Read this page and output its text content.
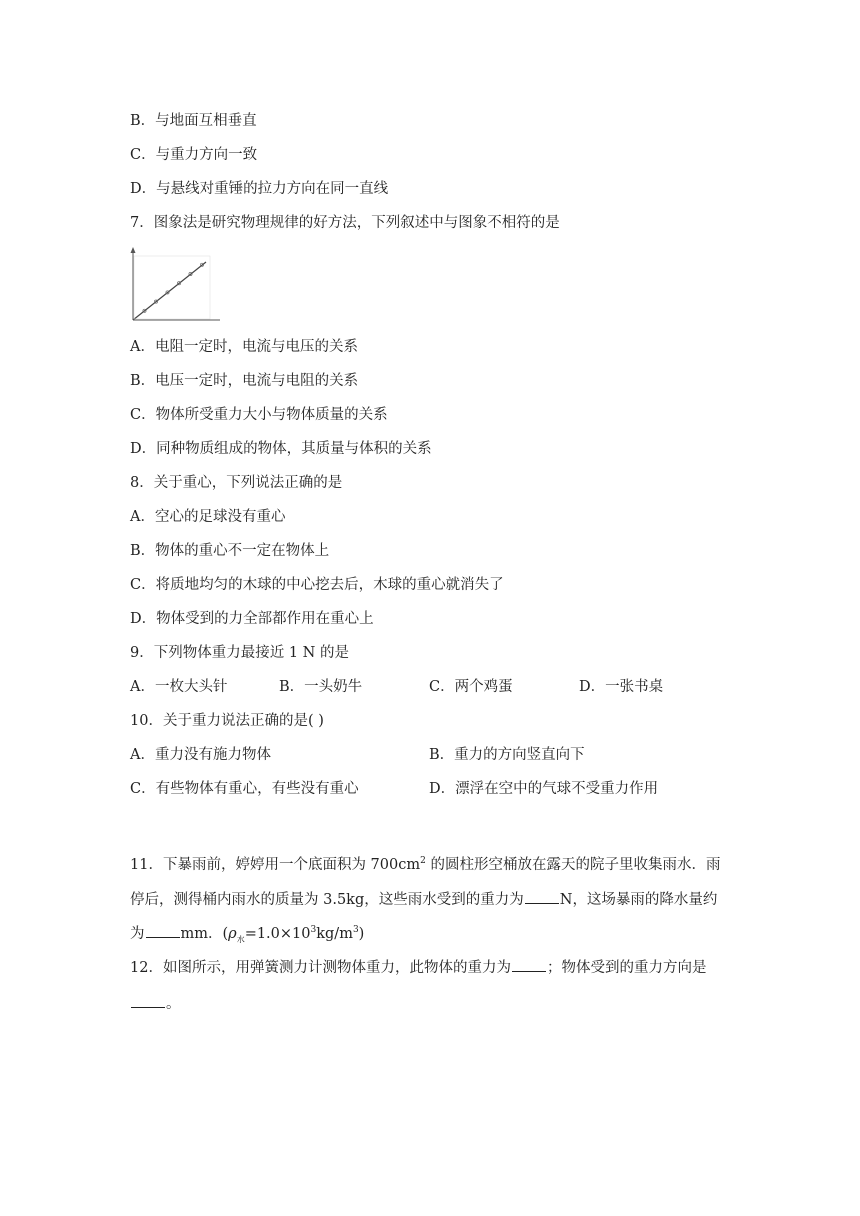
B．与地面互相垂直
C．与重力方向一致
D．与悬线对重锤的拉力方向在同一直线
7．图象法是研究物理规律的好方法，下列叙述中与图象不相符的是
A．电阻一定时，电流与电压的关系
B．电压一定时，电流与电阻的关系
C．物体所受重力大小与物体质量的关系
D．同种物质组成的物体，其质量与体积的关系
8．关于重心，下列说法正确的是
A．空心的足球没有重心
B．物体的重心不一定在物体上
C．将质地均匀的木球的中心挖去后，木球的重心就消失了
D．物体受到的力全部都作用在重心上
9．下列物体重力最接近 1 N 的是
A．一枚大头针	B．一头奶牛	C．两个鸡蛋	D．一张书桌
10．关于重力说法正确的是( )
A．重力没有施力物体	B．重力的方向竖直向下
C．有些物体有重心，有些没有重心	D．漂浮在空中的气球不受重力作用
11．下暴雨前，婷婷用一个底面积为 $700cm^2$ 的圆柱形空桶放在露天的院子里收集雨水．雨
停后，测得桶内雨水的质量为 3.5kg，这些雨水受到的重力为 N，这场暴雨的降水量约
为 mm．$(\rho_水=1.0\times 10^3kg/m^3)$
12．如图所示，用弹簧测力计测物体重力，此物体的重力为 ；物体受到的重力方向是
。
